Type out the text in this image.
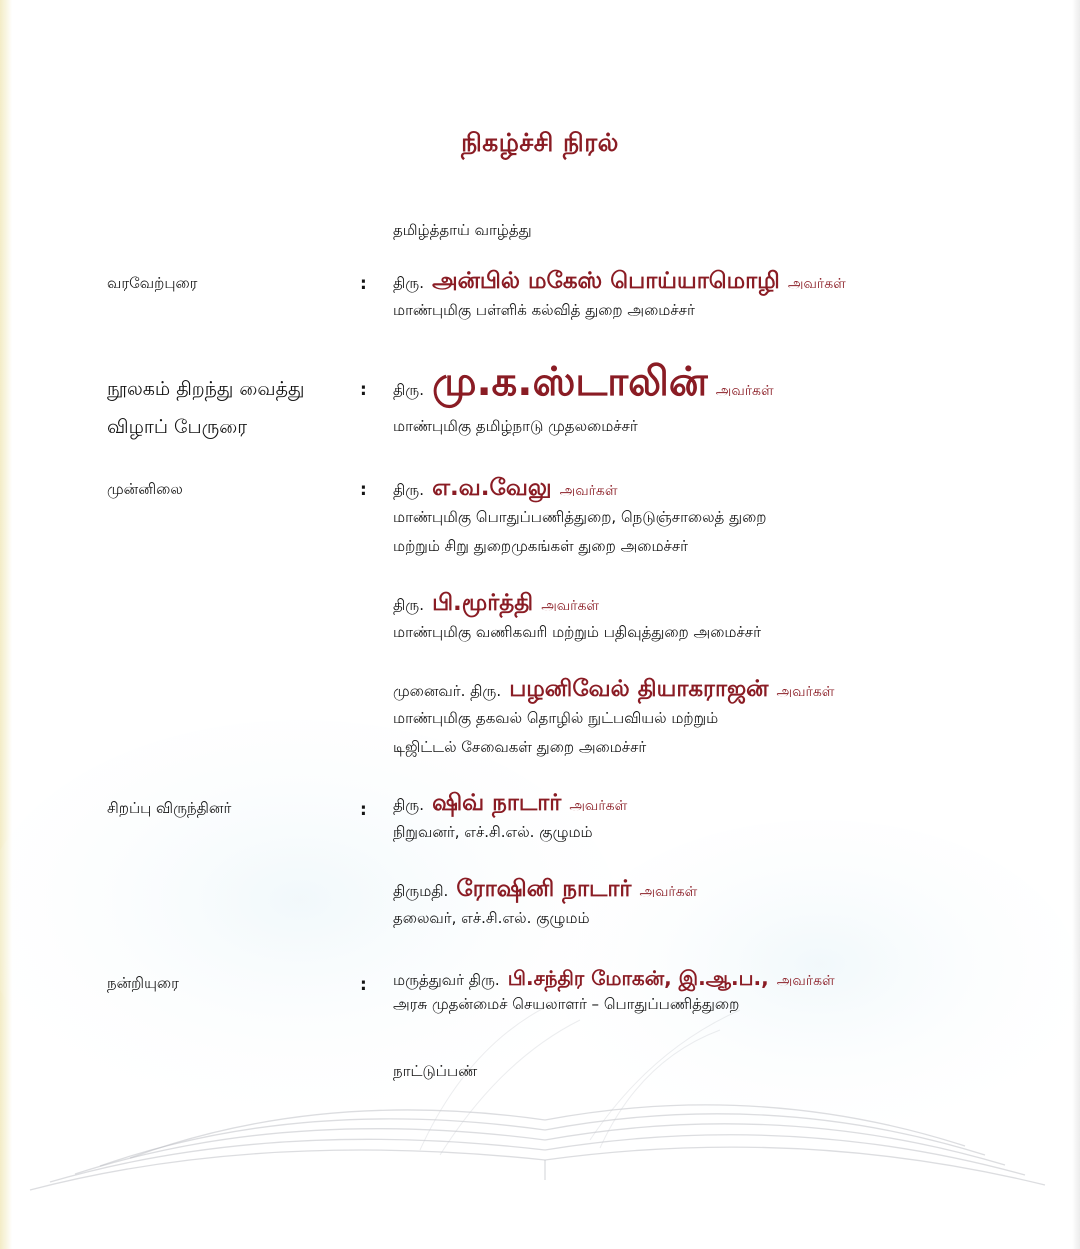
நிகழ்ச்சி நிரல்
தமிழ்த்தாய் வாழ்த்து
வரவேற்புரை	: திரு. அன்பில் மகேஸ் பொய்யாமொழி அவர்கள்
மாண்புமிகு பள்ளிக் கல்வித் துறை அமைச்சர்
நூலகம் திறந்து வைத்து
விழாப் பேருரை
: திரு. மு.க.ஸ்டாலின் அவர்கள்
மாண்புமிகு தமிழ்நாடு முதலமைச்சர்
முன்னிலை	: திரு. எ.வ.வேலு அவர்கள்
மாண்புமிகு பொதுப்பணித்துறை, நெடுஞ்சாலைத் துறை
மற்றும் சிறு துறைமுகங்கள் துறை அமைச்சர்
திரு. பி.மூர்த்தி அவர்கள்
மாண்புமிகு வணிகவரி மற்றும் பதிவுத்துறை அமைச்சர்
முனைவர். திரு. பழனிவேல் தியாகராஜன் அவர்கள்
மாண்புமிகு தகவல் தொழில் நுட்பவியல் மற்றும்
டிஜிட்டல் சேவைகள் துறை அமைச்சர்
சிறப்பு விருந்தினர்	: திரு. ஷிவ் நாடார் அவர்கள்
நிறுவனர், எச்.சி.எல். குழுமம்
திருமதி. ரோஷினி நாடார் அவர்கள்
தலைவர், எச்.சி.எல். குழுமம்
நன்றியுரை	: மருத்துவர் திரு. பி.சந்திர மோகன், இ.ஆ.ப., அவர்கள்
அரசு முதன்மைச் செயலாளர் – பொதுப்பணித்துறை
நாட்டுப்பண்
